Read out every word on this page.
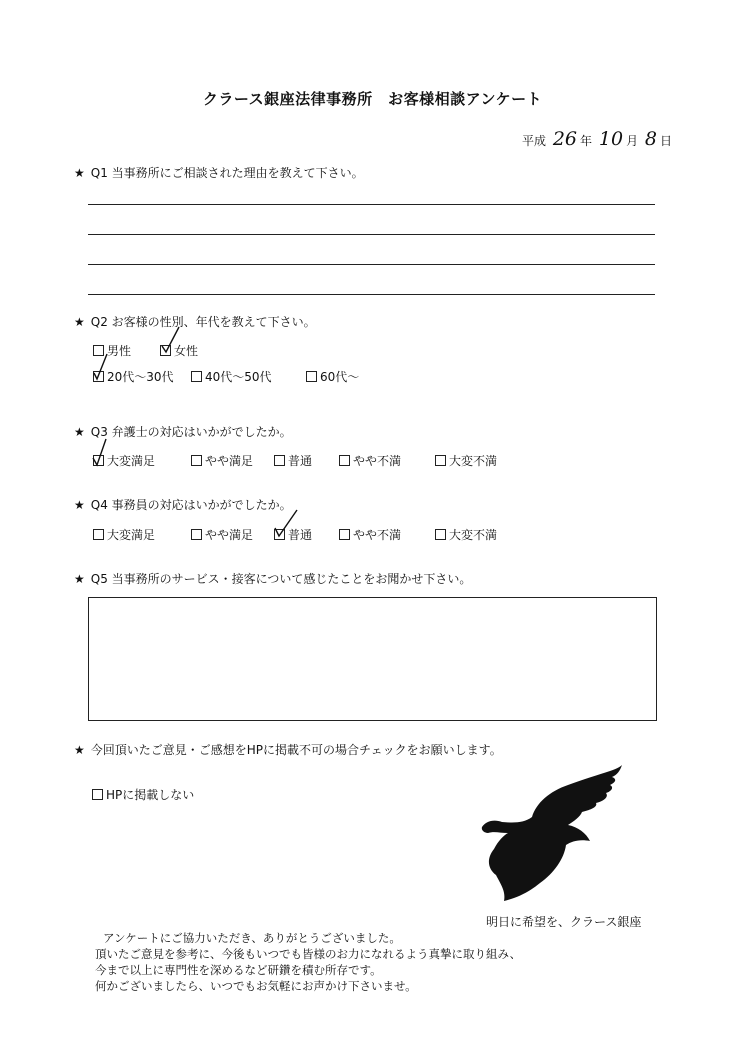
クラース銀座法律事務所　お客様相談アンケート
平成 26 年 10 月 8 日
★ Q1 当事務所にご相談された理由を教えて下さい。
★ Q2 お客様の性別、年代を教えて下さい。
男性	女性
20代～30代	40代～50代	60代～
★ Q3 弁護士の対応はいかがでしたか。
大変満足	やや満足	普通	やや不満	大変不満
★ Q4 事務員の対応はいかがでしたか。
大変満足	やや満足	普通	やや不満	大変不満
★ Q5 当事務所のサービス・接客について感じたことをお聞かせ下さい。
★ 今回頂いたご意見・ご感想をHPに掲載不可の場合チェックをお願いします。
HPに掲載しない
明日に希望を、クラース銀座
アンケートにご協力いただき、ありがとうございました。
頂いたご意見を参考に、今後もいつでも皆様のお力になれるよう真摯に取り組み、
今まで以上に専門性を深めるなど研鑽を積む所存です。
何かございましたら、いつでもお気軽にお声かけ下さいませ。
